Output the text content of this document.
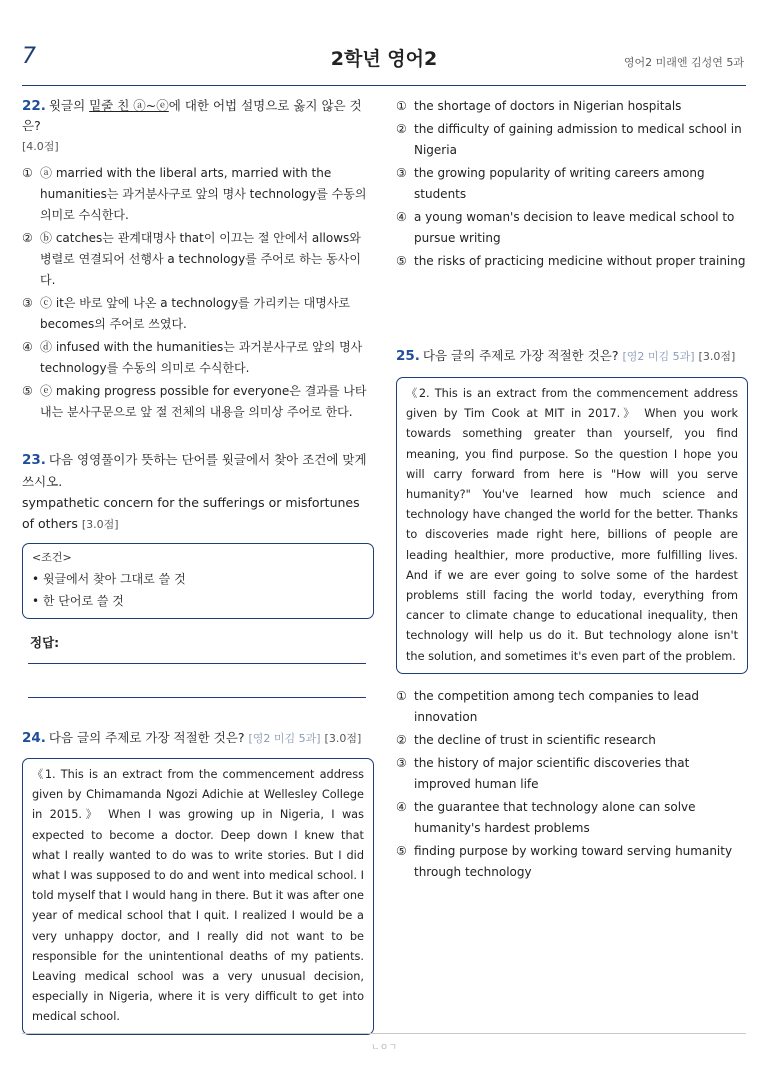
7	2학년 영어2	영어2 미래엔 김성연 5과
22. 윗글의 밑줄 친 ⓐ~ⓔ에 대한 어법 설명으로 옳지 않은 것은?
[4.0점]
① ⓐ married with the liberal arts, married with the humanities는 과거분사구로 앞의 명사 technology를 수동의 의미로 수식한다.
② ⓑ catches는 관계대명사 that이 이끄는 절 안에서 allows와 병렬로 연결되어 선행사 a technology를 주어로 하는 동사이다.
③ ⓒ it은 바로 앞에 나온 a technology를 가리키는 대명사로 becomes의 주어로 쓰였다.
④ ⓓ infused with the humanities는 과거분사구로 앞의 명사 technology를 수동의 의미로 수식한다.
⑤ ⓔ making progress possible for everyone은 결과를 나타내는 분사구문으로 앞 절 전체의 내용을 의미상 주어로 한다.
23. 다음 영영풀이가 뜻하는 단어를 윗글에서 찾아 조건에 맞게 쓰시오.
sympathetic concern for the sufferings or misfortunes of others [3.0점]
<조건>
• 윗글에서 찾아 그대로 쓸 것
• 한 단어로 쓸 것
정답:
24. 다음 글의 주제로 가장 적절한 것은? [영2 미김 5과] [3.0점]
《1. This is an extract from the commencement address given by Chimamanda Ngozi Adichie at Wellesley College in 2015.》 When I was growing up in Nigeria, I was expected to become a doctor. Deep down I knew that what I really wanted to do was to write stories. But I did what I was supposed to do and went into medical school. I told myself that I would hang in there. But it was after one year of medical school that I quit. I realized I would be a very unhappy doctor, and I really did not want to be responsible for the unintentional deaths of my patients. Leaving medical school was a very unusual decision, especially in Nigeria, where it is very difficult to get into medical school.
① the shortage of doctors in Nigerian hospitals
② the difficulty of gaining admission to medical school in Nigeria
③ the growing popularity of writing careers among students
④ a young woman's decision to leave medical school to pursue writing
⑤ the risks of practicing medicine without proper training
25. 다음 글의 주제로 가장 적절한 것은? [영2 미김 5과] [3.0점]
《2. This is an extract from the commencement address given by Tim Cook at MIT in 2017.》 When you work towards something greater than yourself, you find meaning, you find purpose. So the question I hope you will carry forward from here is "How will you serve humanity?" You've learned how much science and technology have changed the world for the better. Thanks to discoveries made right here, billions of people are leading healthier, more productive, more fulfilling lives. And if we are ever going to solve some of the hardest problems still facing the world today, everything from cancer to climate change to educational inequality, then technology will help us do it. But technology alone isn't the solution, and sometimes it's even part of the problem.
① the competition among tech companies to lead innovation
② the decline of trust in scientific research
③ the history of major scientific discoveries that improved human life
④ the guarantee that technology alone can solve humanity's hardest problems
⑤ finding purpose by working toward serving humanity through technology
ㄴㅇㄱ
